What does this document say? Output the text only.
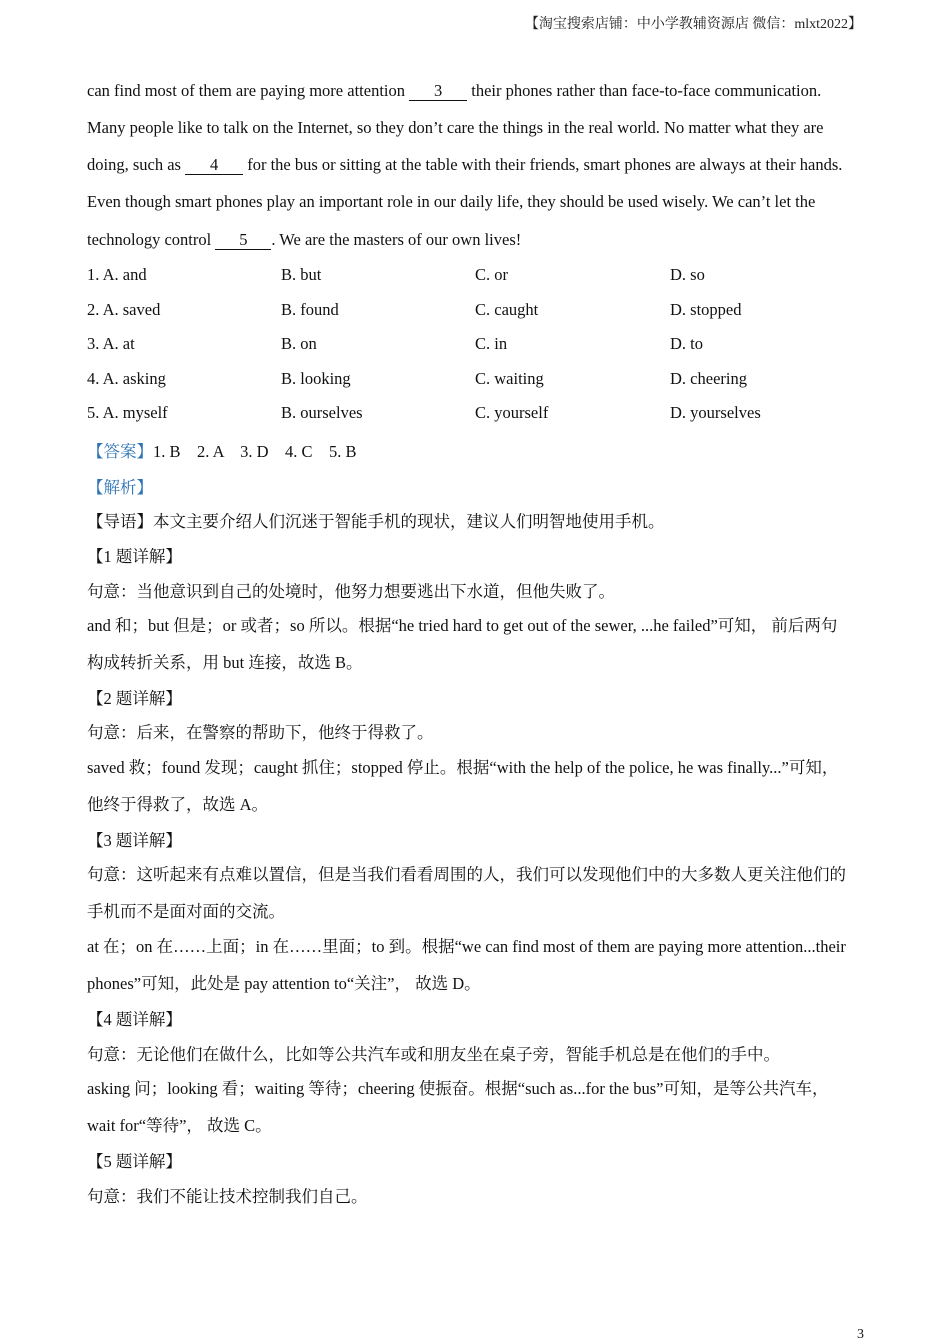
【淘宝搜索店铺：中小学教辅资源店 微信：mlxt2022】
can find most of them are paying more attention 3 their phones rather than face-to-face communication.
Many people like to talk on the Internet, so they don’t care the things in the real world. No matter what they are
doing, such as 4 for the bus or sitting at the table with their friends, smart phones are always at their hands.
Even though smart phones play an important role in our daily life, they should be used wisely. We can’t let the
technology control 5 . We are the masters of our own lives!
1. A. and	B. but	C. or	D. so
2. A. saved	B. found	C. caught	D. stopped
3. A. at	B. on	C. in	D. to
4. A. asking	B. looking	C. waiting	D. cheering
5. A. myself	B. ourselves	C. yourself	D. yourselves
【答案】1. B    2. A    3. D    4. C    5. B
【解析】
【导语】本文主要介绍人们沉迷于智能手机的现状，建议人们明智地使用手机。
【1 题详解】
句意：当他意识到自己的处境时，他努力想要逃出下水道，但他失败了。
and 和；but 但是；or 或者；so 所以。根据“he tried hard to get out of the sewer, ...he failed”可知， 前后两句
构成转折关系，用 but 连接，故选 B。
【2 题详解】
句意：后来，在警察的帮助下，他终于得救了。
saved 救；found 发现；caught 抓住；stopped 停止。根据“with the help of the police, he was finally...”可知，
他终于得救了，故选 A。
【3 题详解】
句意：这听起来有点难以置信，但是当我们看看周围的人，我们可以发现他们中的大多数人更关注他们的
手机而不是面对面的交流。
at 在；on 在……上面；in 在……里面；to 到。根据“we can find most of them are paying more attention...their
phones”可知，此处是 pay attention to“关注”， 故选 D。
【4 题详解】
句意：无论他们在做什么，比如等公共汽车或和朋友坐在桌子旁，智能手机总是在他们的手中。
asking 问；looking 看；waiting 等待；cheering 使振奋。根据“such as...for the bus”可知，是等公共汽车，
wait for“等待”， 故选 C。
【5 题详解】
句意：我们不能让技术控制我们自己。
3
